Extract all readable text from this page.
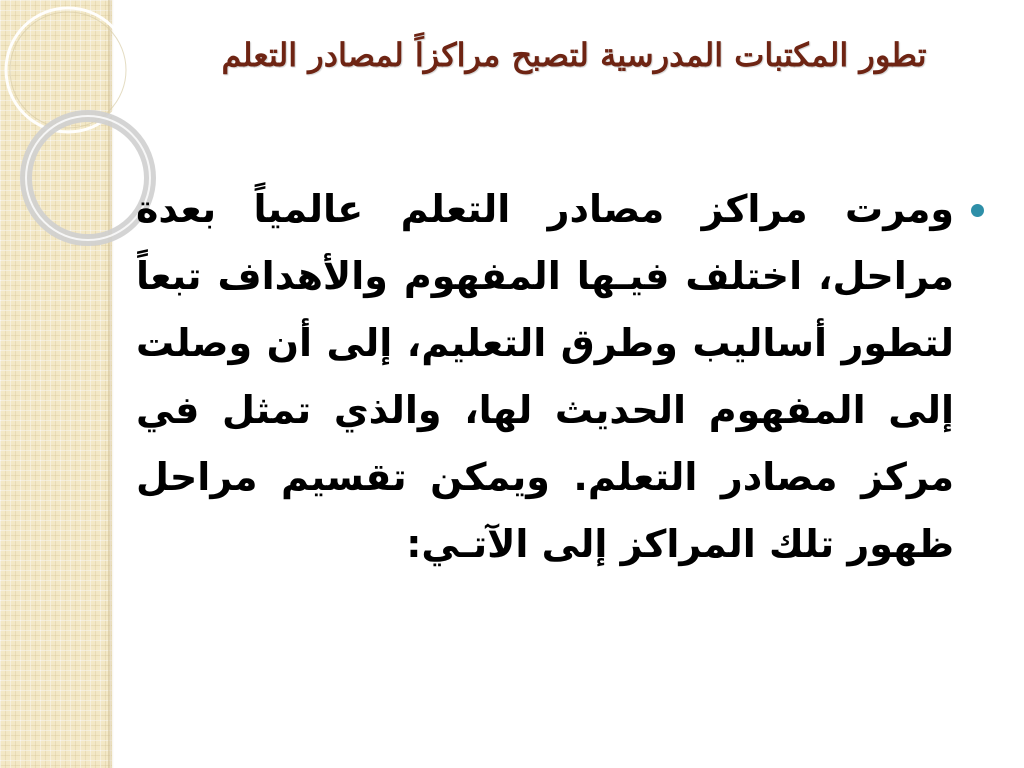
تطور المكتبات المدرسية لتصبح مراكزاً لمصادر التعلم

ومرت مراكز مصادر التعلم عالمياً بعدة مراحل، اختلف فيـها المفهوم والأهداف تبعاً لتطور أساليب وطرق التعليم، إلى أن وصلت إلى المفهوم الحديث لها، والذي تمثل في مركز مصادر التعلم. ويمكن تقسيم مراحل ظهور تلك المراكز إلى الآتـي:
